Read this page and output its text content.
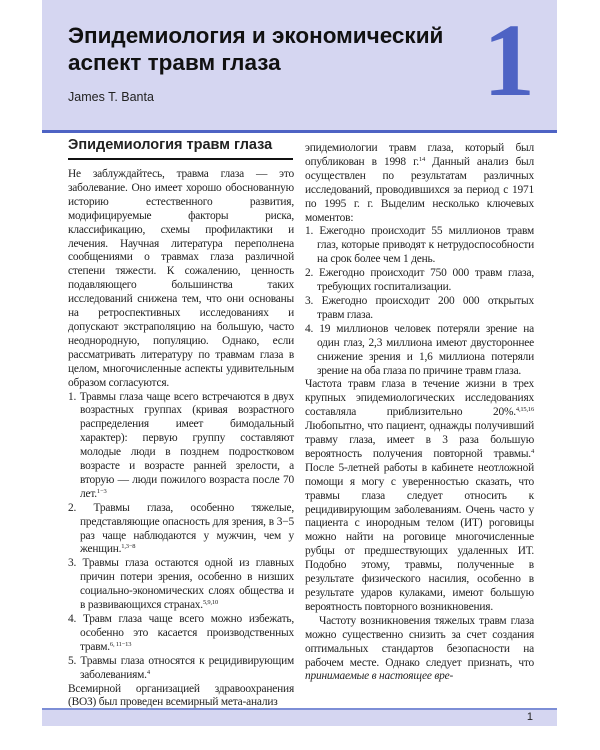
Эпидемиология и экономический аспект травм глаза
James T. Banta	1
Эпидемиология травм глаза

Не заблуждайтесь, травма глаза — это заболевание. Оно имеет хорошо обоснованную историю естественного развития, модифицируемые факторы риска, классификацию, схемы профилактики и лечения. Научная литература переполнена сообщениями о травмах глаза различной степени тяжести. К сожалению, ценность подавляющего большинства таких исследований снижена тем, что они основаны на ретроспективных исследованиях и допускают экстраполяцию на большую, часто неоднородную, популяцию. Однако, если рассматривать литературу по травмам глаза в целом, многочисленные аспекты удивительным образом согласуются.

1. Травмы глаза чаще всего встречаются в двух возрастных группах (кривая возрастного распределения имеет бимодальный характер): первую группу составляют молодые люди в позднем подростковом возрасте и возрасте ранней зрелости, а вторую — люди пожилого возраста после 70 лет.$^{1-3}$
2. Травмы глаза, особенно тяжелые, представляющие опасность для зрения, в 3−5 раз чаще наблюдаются у мужчин, чем у женщин.$^{1,3-8}$
3. Травмы глаза остаются одной из главных причин потери зрения, особенно в низших социально-экономических слоях общества и в развивающихся странах.$^{5,9,10}$
4. Травм глаза чаще всего можно избежать, особенно это касается производственных травм.$^{6, 11-13}$
5. Травмы глаза относятся к рецидивирующим заболеваниям.$^4$

Всемирной организацией здравоохранения (ВОЗ) был проведен всемирный мета-анализ

эпидемиологии травм глаза, который был опубликован в 1998 г.$^{14}$ Данный анализ был осуществлен по результатам различных исследований, проводившихся за период с 1971 по 1995 г. г. Выделим несколько ключевых моментов:

1. Ежегодно происходит 55 миллионов травм глаз, которые приводят к нетрудоспособности на срок более чем 1 день.
2. Ежегодно происходит 750 000 травм глаза, требующих госпитализации.
3. Ежегодно происходит 200 000 открытых травм глаза.
4. 19 миллионов человек потеряли зрение на один глаз, 2,3 миллиона имеют двустороннее снижение зрения и 1,6 миллиона потеряли зрение на оба глаза по причине травм глаза.

Частота травм глаза в течение жизни в трех крупных эпидемиологических исследованиях составляла приблизительно 20%.$^{4,15,16}$ Любопытно, что пациент, однажды получивший травму глаза, имеет в 3 раза большую вероятность получения повторной травмы.$^4$ После 5-летней работы в кабинете неотложной помощи я могу с уверенностью сказать, что травмы глаза следует относить к рецидивирующим заболеваниям. Очень часто у пациента с инородным телом (ИТ) роговицы можно найти на роговице многочисленные рубцы от предшествующих удаленных ИТ. Подобно этому, травмы, полученные в результате физического насилия, особенно в результате ударов кулаками, имеют большую вероятность повторного возникновения.

Частоту возникновения тяжелых травм глаза можно существенно снизить за счет создания оптимальных стандартов безопасности на рабочем месте. Однако следует признать, что принимаемые в настоящее вре-

1
